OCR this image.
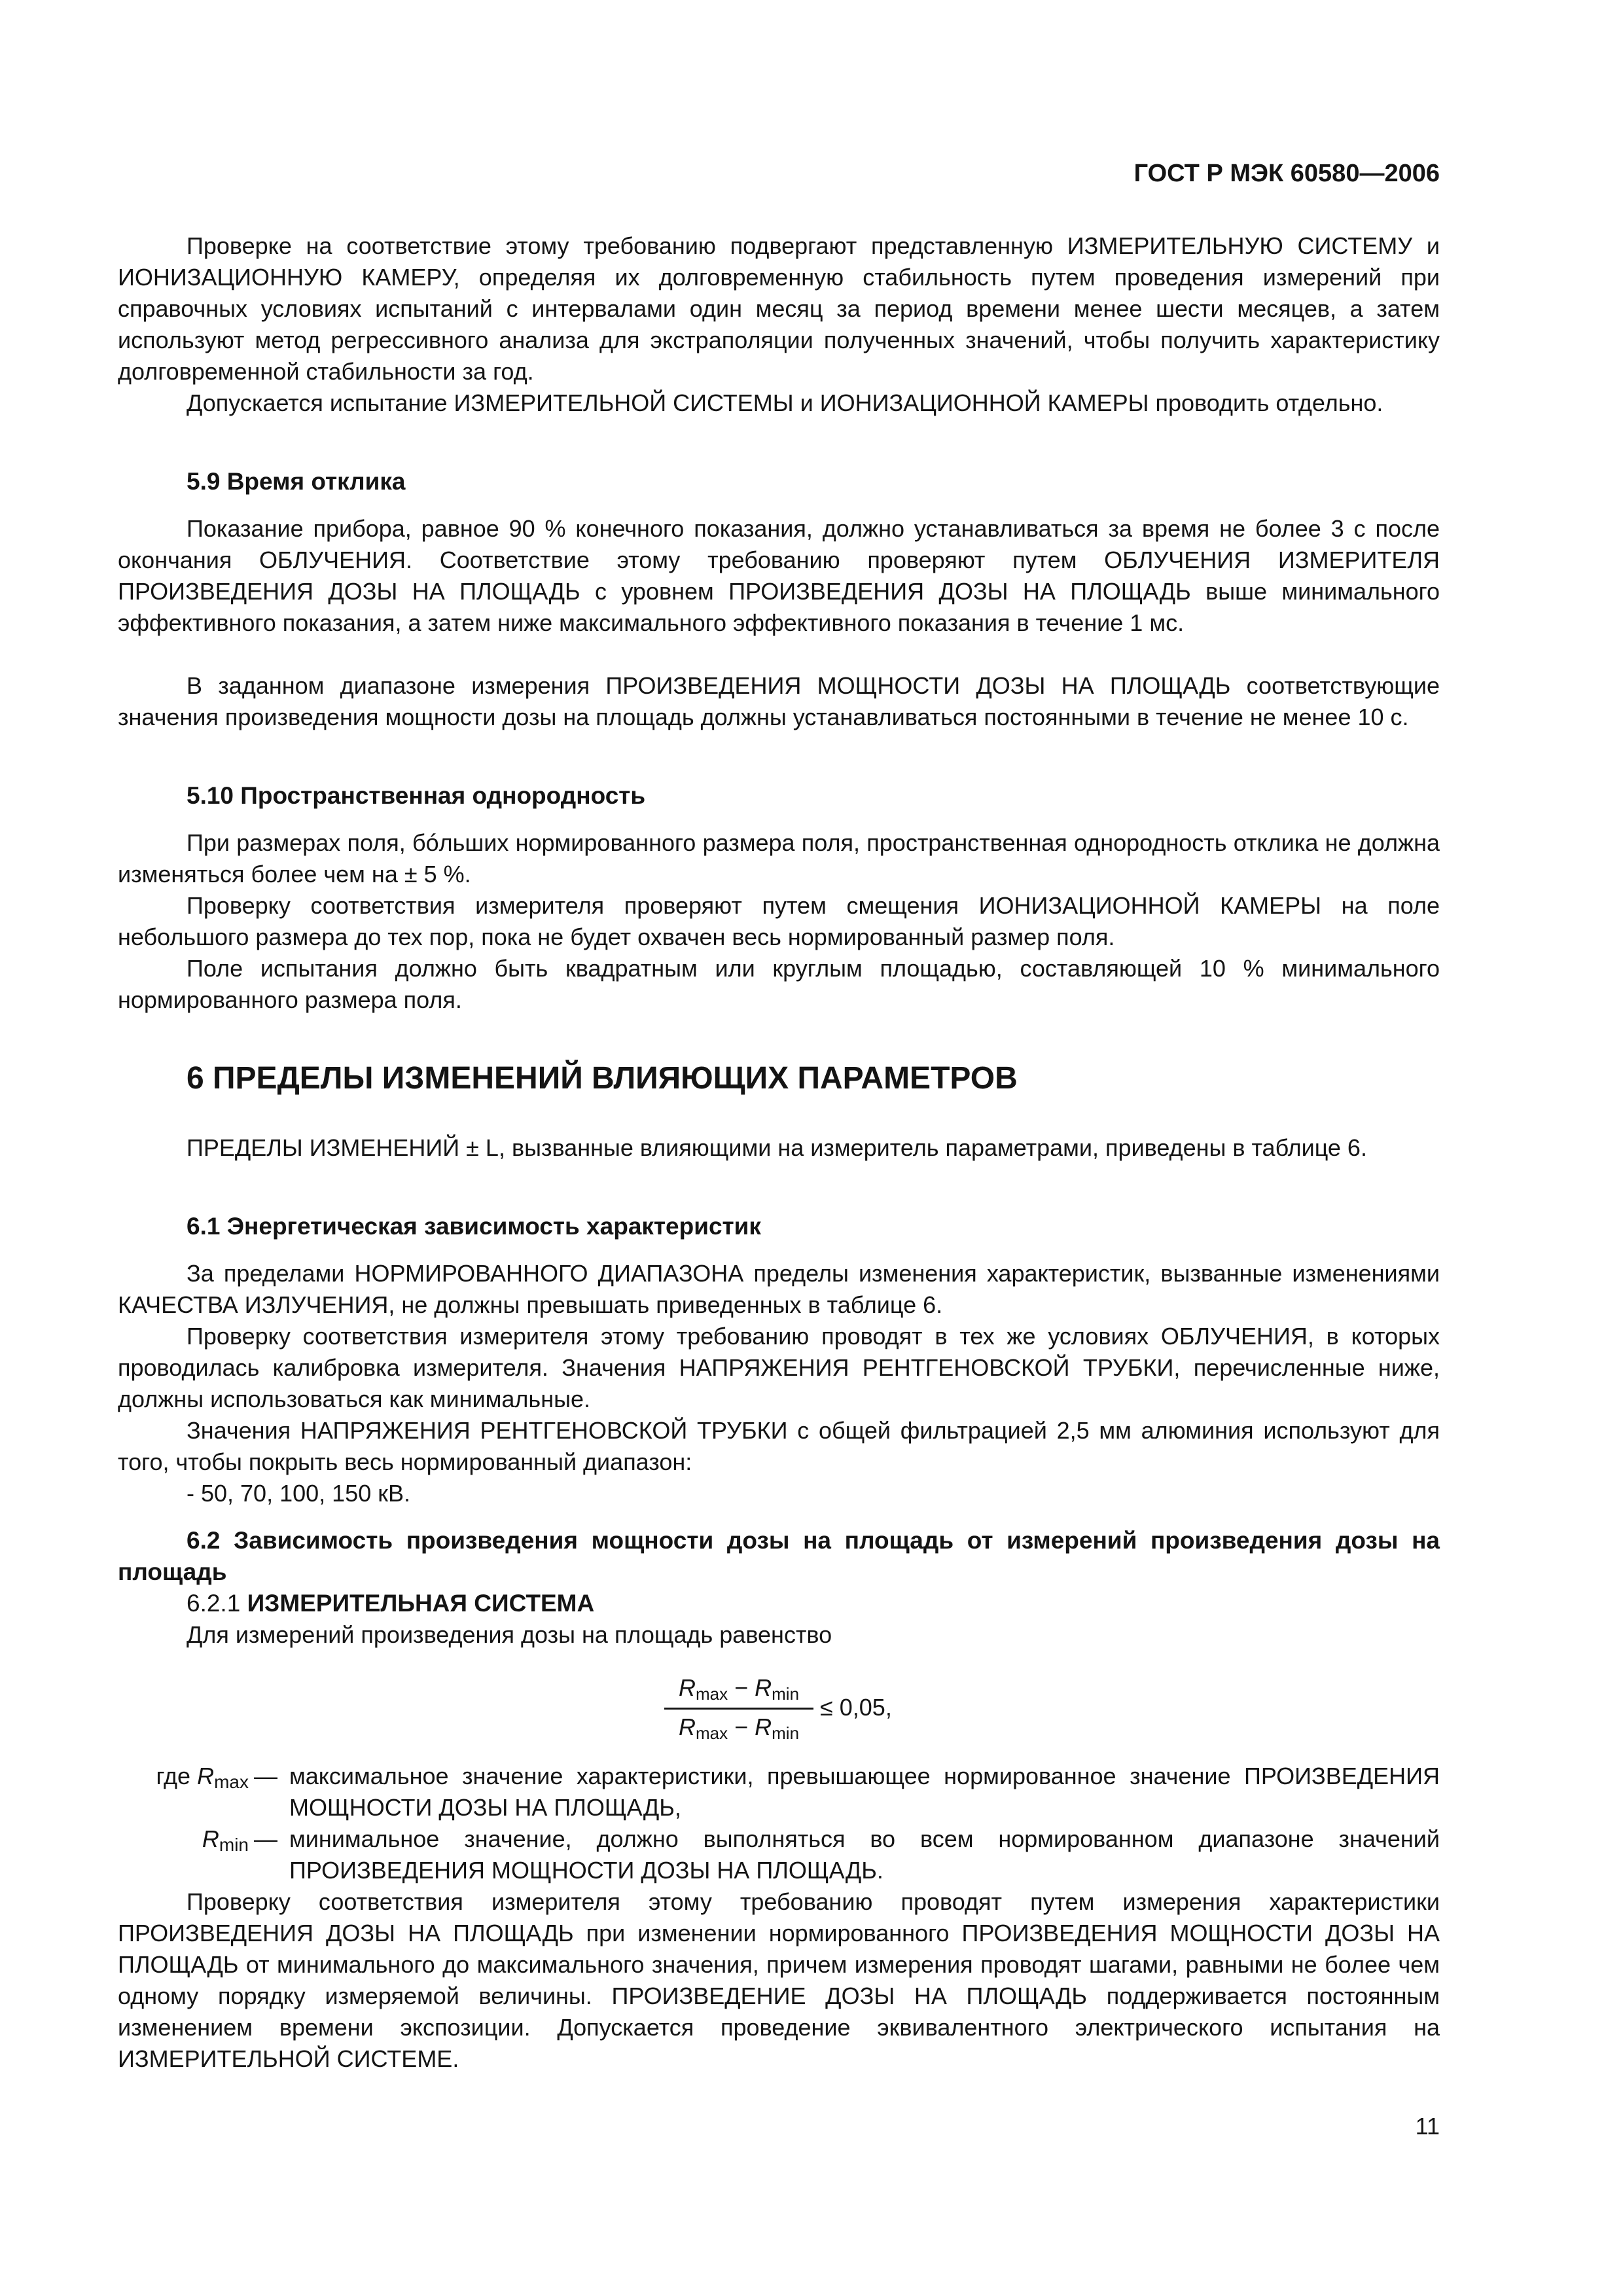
ГОСТ Р МЭК 60580—2006

Проверке на соответствие этому требованию подвергают представленную ИЗМЕРИТЕЛЬНУЮ СИСТЕМУ и ИОНИЗАЦИОННУЮ КАМЕРУ, определяя их долговременную стабильность путем проведения измерений при справочных условиях испытаний с интервалами один месяц за период времени менее шести месяцев, а затем используют метод регрессивного анализа для экстраполяции полученных значений, чтобы получить характеристику долговременной стабильности за год.

Допускается испытание ИЗМЕРИТЕЛЬНОЙ СИСТЕМЫ и ИОНИЗАЦИОННОЙ КАМЕРЫ проводить отдельно.

5.9 Время отклика

Показание прибора, равное 90 % конечного показания, должно устанавливаться за время не более 3 с после окончания ОБЛУЧЕНИЯ. Соответствие этому требованию проверяют путем ОБЛУЧЕНИЯ ИЗМЕРИТЕЛЯ ПРОИЗВЕДЕНИЯ ДОЗЫ НА ПЛОЩАДЬ с уровнем ПРОИЗВЕДЕНИЯ ДОЗЫ НА ПЛОЩАДЬ выше минимального эффективного показания, а затем ниже максимального эффективного показания в течение 1 мс.

В заданном диапазоне измерения ПРОИЗВЕДЕНИЯ МОЩНОСТИ ДОЗЫ НА ПЛОЩАДЬ соответствующие значения произведения мощности дозы на площадь должны устанавливаться постоянными в течение не менее 10 с.

5.10 Пространственная однородность

При размерах поля, бóльших нормированного размера поля, пространственная однородность отклика не должна изменяться более чем на ± 5 %.

Проверку соответствия измерителя проверяют путем смещения ИОНИЗАЦИОННОЙ КАМЕРЫ на поле небольшого размера до тех пор, пока не будет охвачен весь нормированный размер поля.

Поле испытания должно быть квадратным или круглым площадью, составляющей 10 % минимального нормированного размера поля.

6 ПРЕДЕЛЫ ИЗМЕНЕНИЙ ВЛИЯЮЩИХ ПАРАМЕТРОВ

ПРЕДЕЛЫ ИЗМЕНЕНИЙ ± L, вызванные влияющими на измеритель параметрами, приведены в таблице 6.

6.1 Энергетическая зависимость характеристик

За пределами НОРМИРОВАННОГО ДИАПАЗОНА пределы изменения характеристик, вызванные изменениями КАЧЕСТВА ИЗЛУЧЕНИЯ, не должны превышать приведенных в таблице 6.

Проверку соответствия измерителя этому требованию проводят в тех же условиях ОБЛУЧЕНИЯ, в которых проводилась калибровка измерителя. Значения НАПРЯЖЕНИЯ РЕНТГЕНОВСКОЙ ТРУБКИ, перечисленные ниже, должны использоваться как минимальные.

Значения НАПРЯЖЕНИЯ РЕНТГЕНОВСКОЙ ТРУБКИ с общей фильтрацией 2,5 мм алюминия используют для того, чтобы покрыть весь нормированный диапазон:

- 50, 70, 100, 150 кВ.

6.2 Зависимость произведения мощности дозы на площадь от измерений произведения дозы на площадь

6.2.1 ИЗМЕРИТЕЛЬНАЯ СИСТЕМА

Для измерений произведения дозы на площадь равенство

$R_{max} - R_{min}$
$R_{max} - R_{min}$
≤ 0,05,
где $R_{max}$ — максимальное значение характеристики, превышающее нормированное значение ПРОИЗВЕДЕНИЯ МОЩНОСТИ ДОЗЫ НА ПЛОЩАДЬ,
$R_{min}$ — минимальное значение, должно выполняться во всем нормированном диапазоне значений ПРОИЗВЕДЕНИЯ МОЩНОСТИ ДОЗЫ НА ПЛОЩАДЬ.

Проверку соответствия измерителя этому требованию проводят путем измерения характеристики ПРОИЗВЕДЕНИЯ ДОЗЫ НА ПЛОЩАДЬ при изменении нормированного ПРОИЗВЕДЕНИЯ МОЩНОСТИ ДОЗЫ НА ПЛОЩАДЬ от минимального до максимального значения, причем измерения проводят шагами, равными не более чем одному порядку измеряемой величины. ПРОИЗВЕДЕНИЕ ДОЗЫ НА ПЛОЩАДЬ поддерживается постоянным изменением времени экспозиции. Допускается проведение эквивалентного электрического испытания на ИЗМЕРИТЕЛЬНОЙ СИСТЕМЕ.

11
